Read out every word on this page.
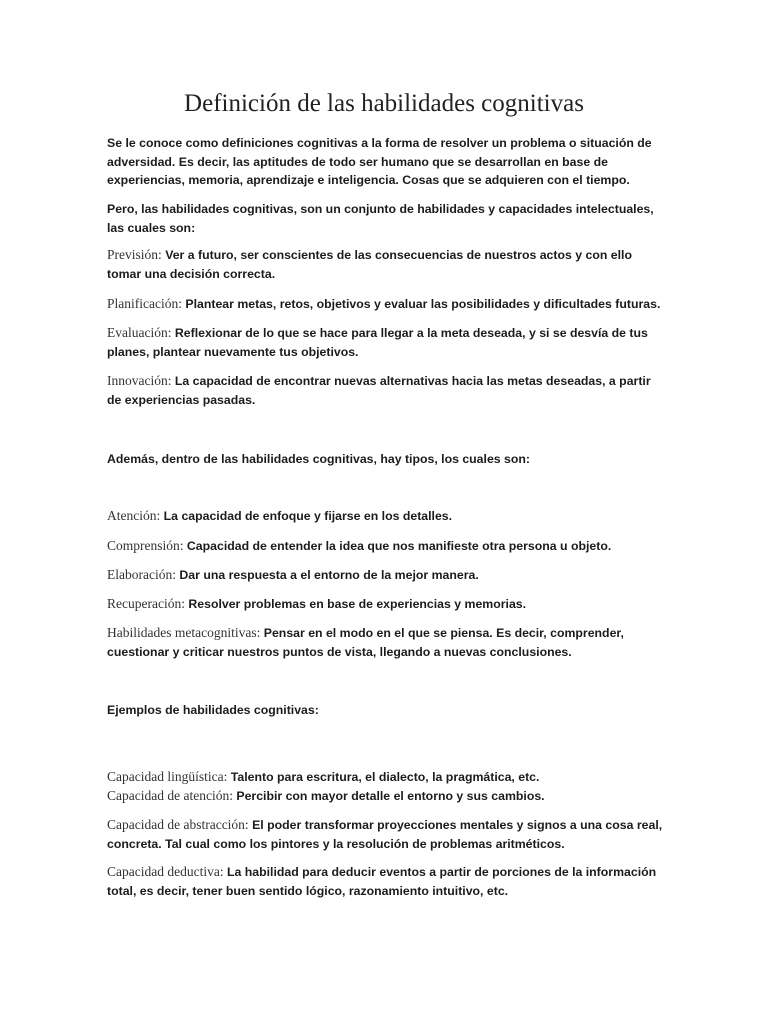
Definición de las habilidades cognitivas

Se le conoce como definiciones cognitivas a la forma de resolver un problema o situación de adversidad. Es decir, las aptitudes de todo ser humano que se desarrollan en base de experiencias, memoria, aprendizaje e inteligencia. Cosas que se adquieren con el tiempo.

Pero, las habilidades cognitivas, son un conjunto de habilidades y capacidades intelectuales, las cuales son:

Previsión: Ver a futuro, ser conscientes de las consecuencias de nuestros actos y con ello tomar una decisión correcta.

Planificación: Plantear metas, retos, objetivos y evaluar las posibilidades y dificultades futuras.

Evaluación: Reflexionar de lo que se hace para llegar a la meta deseada, y si se desvía de tus planes, plantear nuevamente tus objetivos.

Innovación: La capacidad de encontrar nuevas alternativas hacia las metas deseadas, a partir de experiencias pasadas.

Además, dentro de las habilidades cognitivas, hay tipos, los cuales son:

Atención: La capacidad de enfoque y fijarse en los detalles.

Comprensión: Capacidad de entender la idea que nos manifieste otra persona u objeto.

Elaboración: Dar una respuesta a el entorno de la mejor manera.

Recuperación: Resolver problemas en base de experiencias y memorias.

Habilidades metacognitivas: Pensar en el modo en el que se piensa. Es decir, comprender, cuestionar y criticar nuestros puntos de vista, llegando a nuevas conclusiones.

Ejemplos de habilidades cognitivas:

Capacidad lingüística: Talento para escritura, el dialecto, la pragmática, etc.

Capacidad de atención: Percibir con mayor detalle el entorno y sus cambios.

Capacidad de abstracción: El poder transformar proyecciones mentales y signos a una cosa real, concreta. Tal cual como los pintores y la resolución de problemas aritméticos.

Capacidad deductiva: La habilidad para deducir eventos a partir de porciones de la información total, es decir, tener buen sentido lógico, razonamiento intuitivo, etc.
